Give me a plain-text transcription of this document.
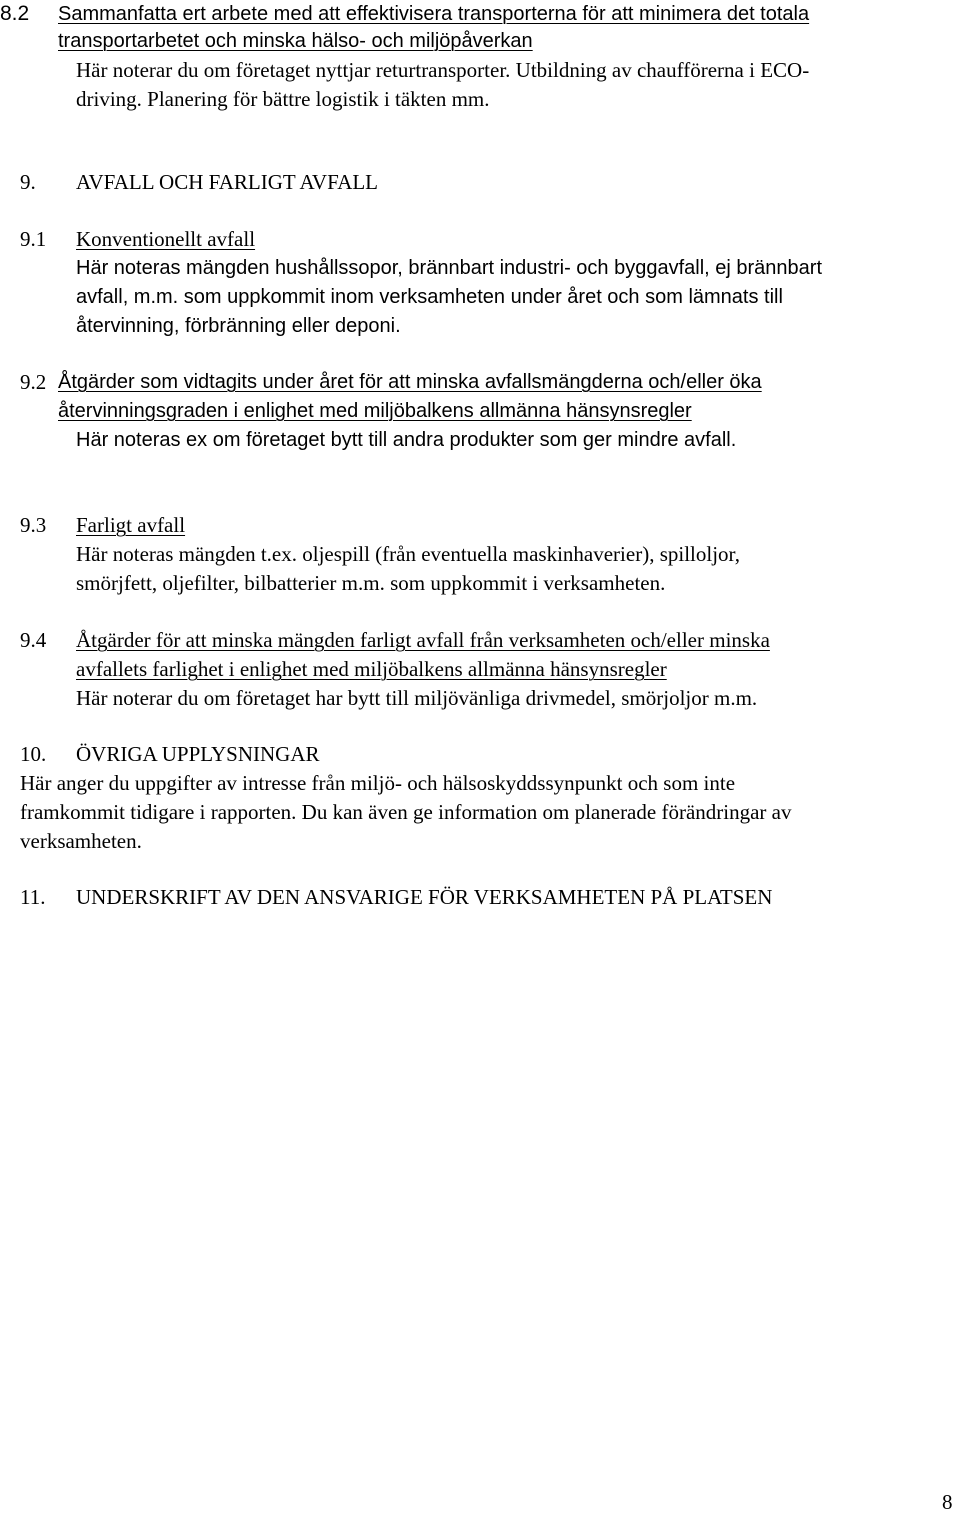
8.2 Sammanfatta ert arbete med att effektivisera transporterna för att minimera det totala
transportarbetet och minska hälso- och miljöpåverkan
Här noterar du om företaget nyttjar returtransporter. Utbildning av chaufförerna i ECO-
driving. Planering för bättre logistik i täkten mm.
9. AVFALL OCH FARLIGT AVFALL
9.1 Konventionellt avfall
Här noteras mängden hushållssopor, brännbart industri- och byggavfall, ej brännbart
avfall, m.m. som uppkommit inom verksamheten under året och som lämnats till
återvinning, förbränning eller deponi.
9.2 Åtgärder som vidtagits under året för att minska avfallsmängderna och/eller öka
återvinningsgraden i enlighet med miljöbalkens allmänna hänsynsregler
Här noteras ex om företaget bytt till andra produkter som ger mindre avfall.
9.3 Farligt avfall
Här noteras mängden t.ex. oljespill (från eventuella maskinhaverier), spilloljor,
smörjfett, oljefilter, bilbatterier m.m. som uppkommit i verksamheten.
9.4 Åtgärder för att minska mängden farligt avfall från verksamheten och/eller minska
avfallets farlighet i enlighet med miljöbalkens allmänna hänsynsregler
Här noterar du om företaget har bytt till miljövänliga drivmedel, smörjoljor m.m.
10. ÖVRIGA UPPLYSNINGAR
Här anger du uppgifter av intresse från miljö- och hälsoskyddssynpunkt och som inte
framkommit tidigare i rapporten. Du kan även ge information om planerade förändringar av
verksamheten.
11. UNDERSKRIFT AV DEN ANSVARIGE FÖR VERKSAMHETEN PÅ PLATSEN
8
